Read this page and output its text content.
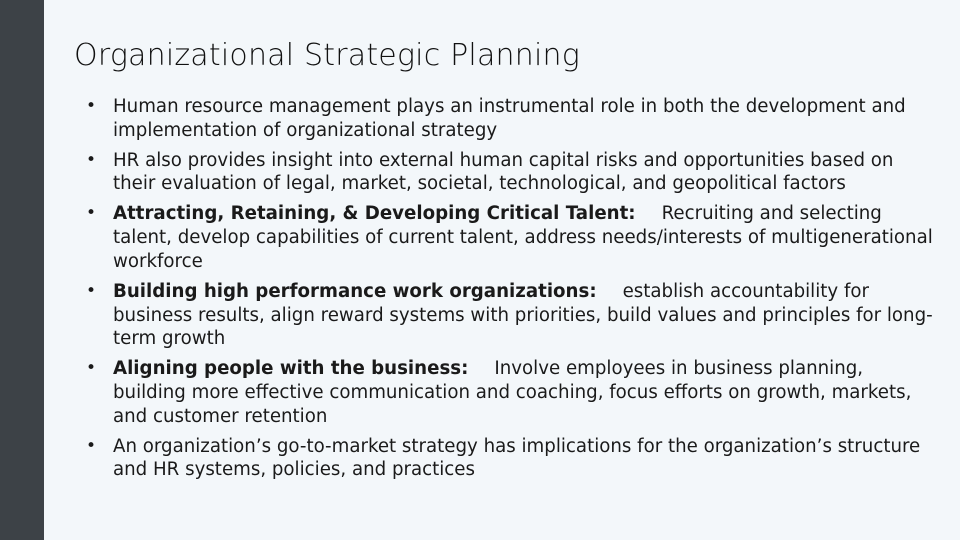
Organizational Strategic Planning
• Human resource management plays an instrumental role in both the development and implementation of organizational strategy
• HR also provides insight into external human capital risks and opportunities based on their evaluation of legal, market, societal, technological, and geopolitical factors
• Attracting, Retaining, & Developing Critical Talent: Recruiting and selecting talent, develop capabilities of current talent, address needs/interests of multigenerational workforce
• Building high performance work organizations: establish accountability for business results, align reward systems with priorities, build values and principles for long-term growth
• Aligning people with the business: Involve employees in business planning, building more effective communication and coaching, focus efforts on growth, markets, and customer retention
• An organization’s go-to-market strategy has implications for the organization’s structure and HR systems, policies, and practices
